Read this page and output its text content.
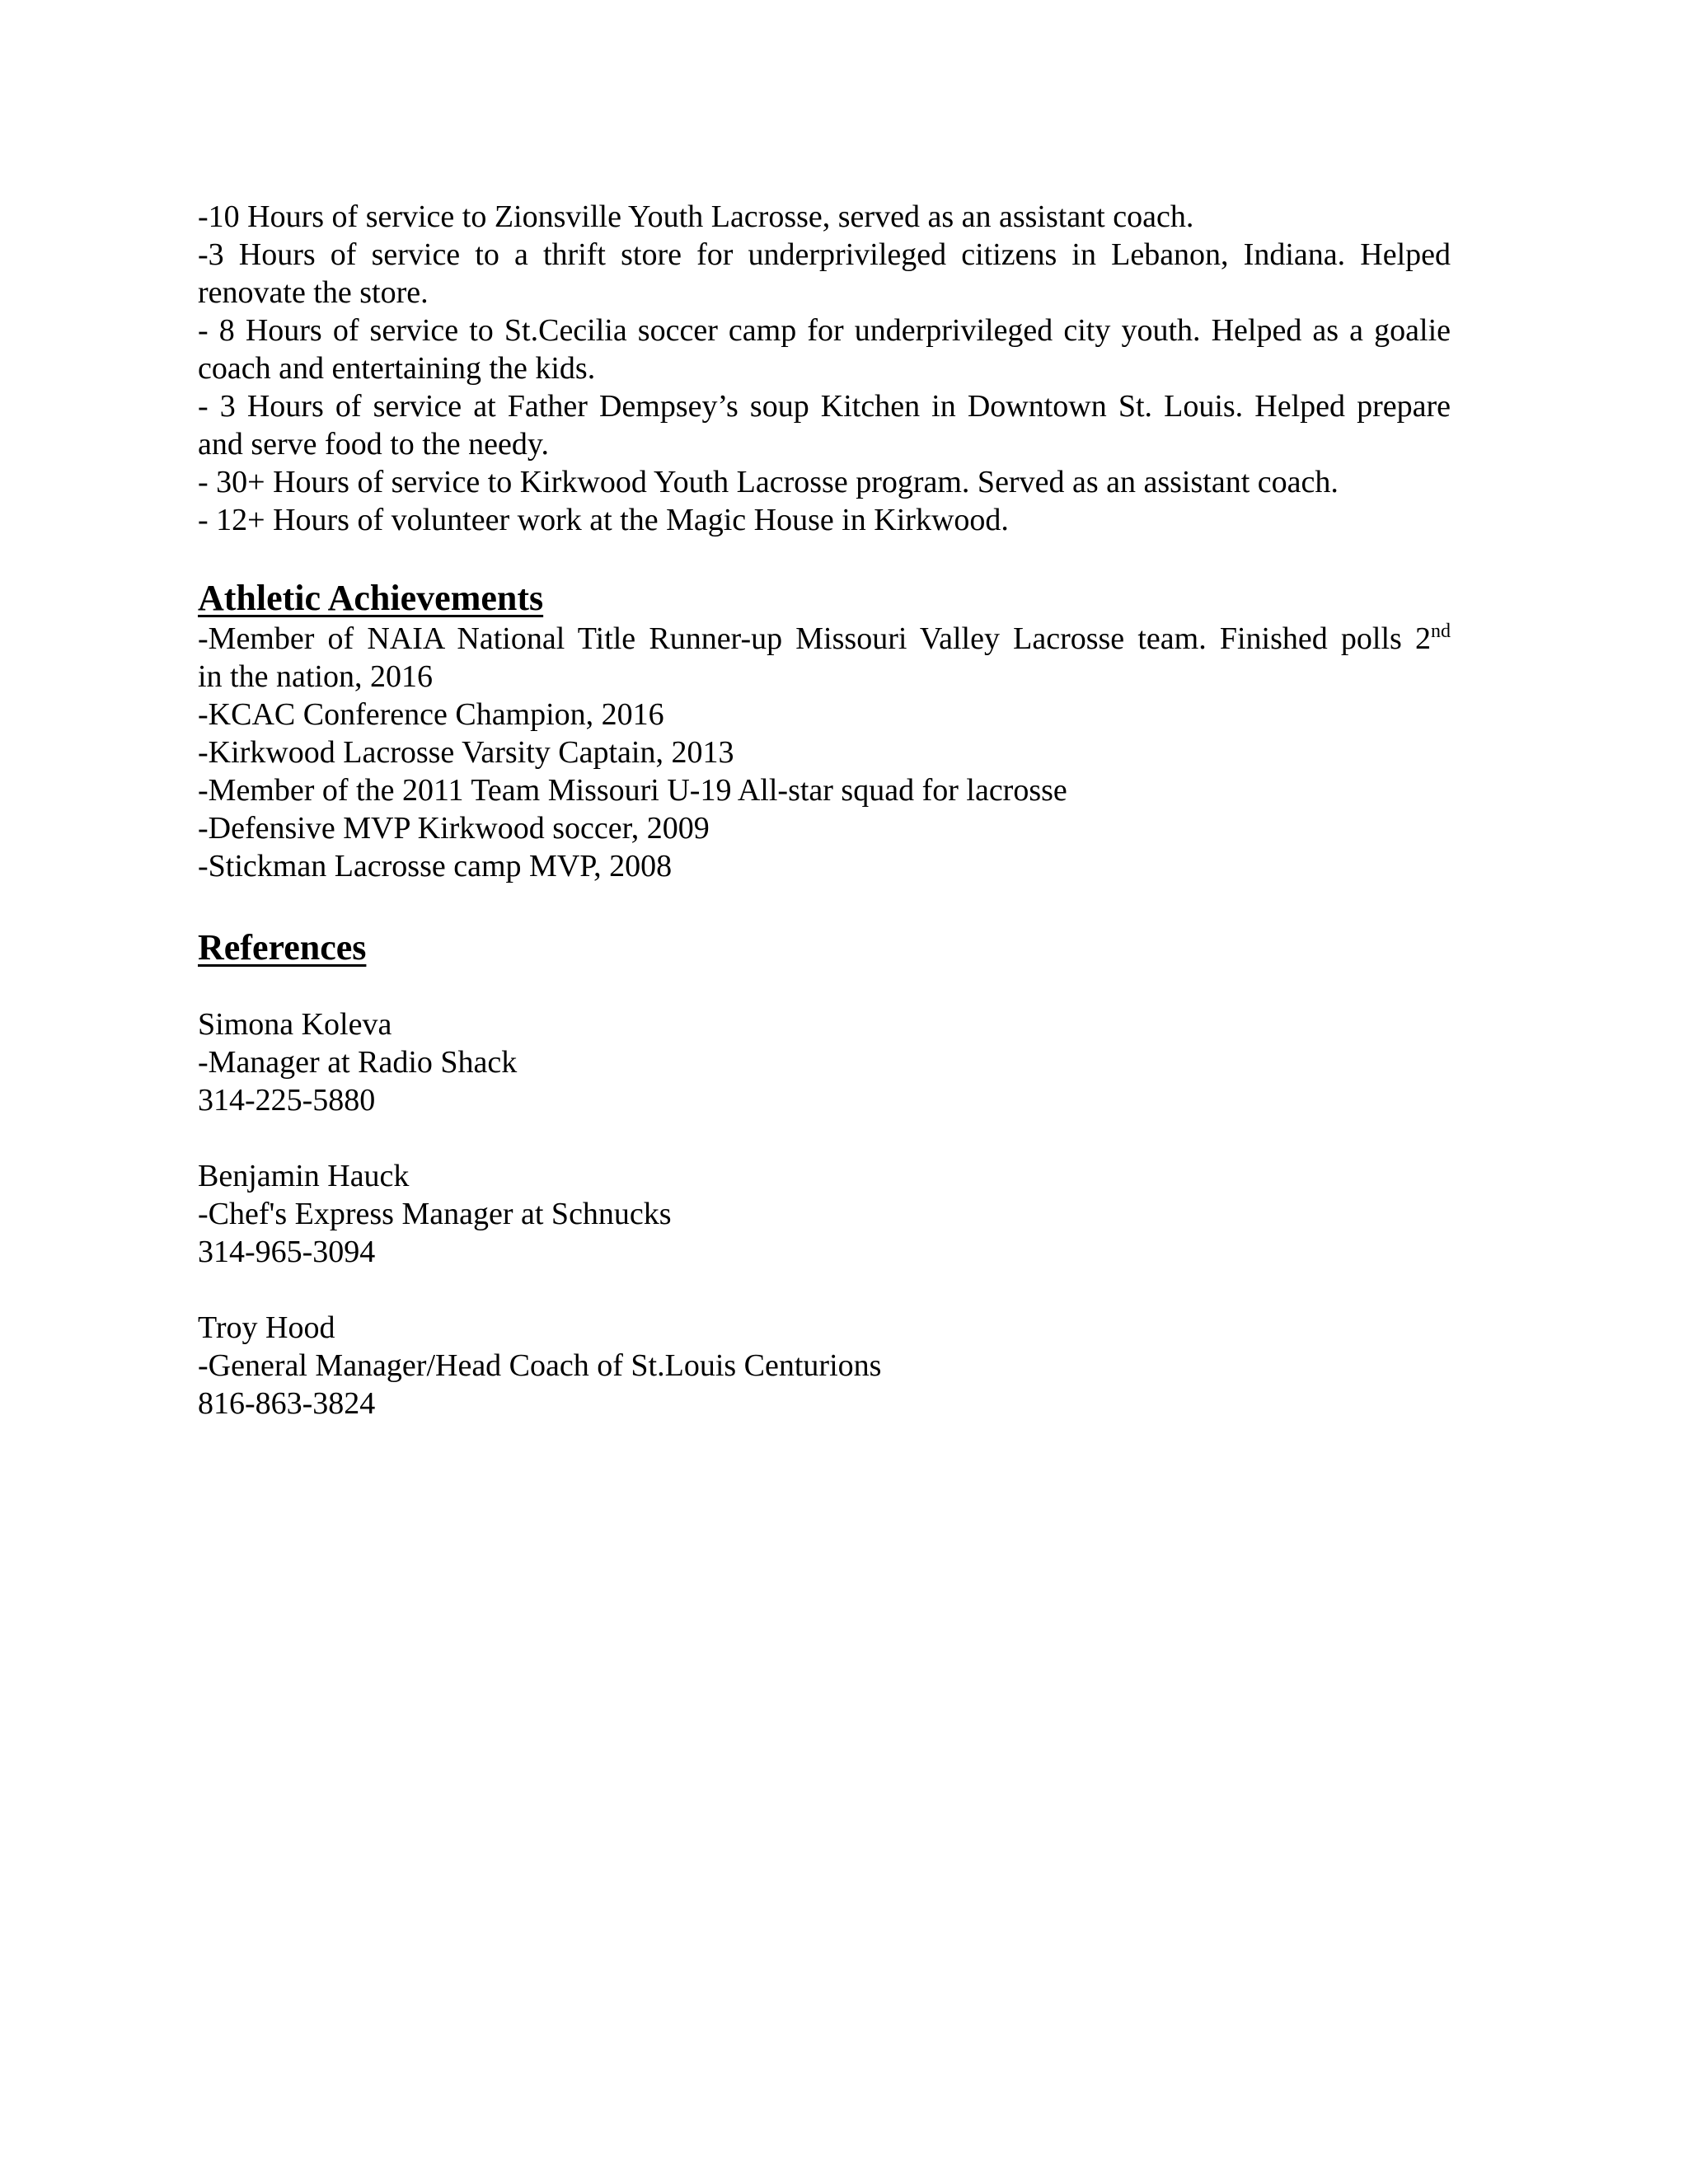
-10 Hours of service to Zionsville Youth Lacrosse, served as an assistant coach.
-3 Hours of service to a thrift store for underprivileged citizens in Lebanon, Indiana. Helped
renovate the store.
- 8 Hours of service to St.Cecilia soccer camp for underprivileged city youth. Helped as a goalie
coach and entertaining the kids.
- 3 Hours of service at Father Dempsey’s soup Kitchen in Downtown St. Louis. Helped prepare
and serve food to the needy.
- 30+ Hours of service to Kirkwood Youth Lacrosse program. Served as an assistant coach.
- 12+ Hours of volunteer work at the Magic House in Kirkwood.
Athletic Achievements
-Member of NAIA National Title Runner-up Missouri Valley Lacrosse team. Finished polls 2nd
in the nation, 2016
-KCAC Conference Champion, 2016
-Kirkwood Lacrosse Varsity Captain, 2013
-Member of the 2011 Team Missouri U-19 All-star squad for lacrosse
-Defensive MVP Kirkwood soccer, 2009
-Stickman Lacrosse camp MVP, 2008
References
Simona Koleva
-Manager at Radio Shack
314-225-5880
Benjamin Hauck
-Chef's Express Manager at Schnucks
314-965-3094
Troy Hood
-General Manager/Head Coach of St.Louis Centurions
816-863-3824
